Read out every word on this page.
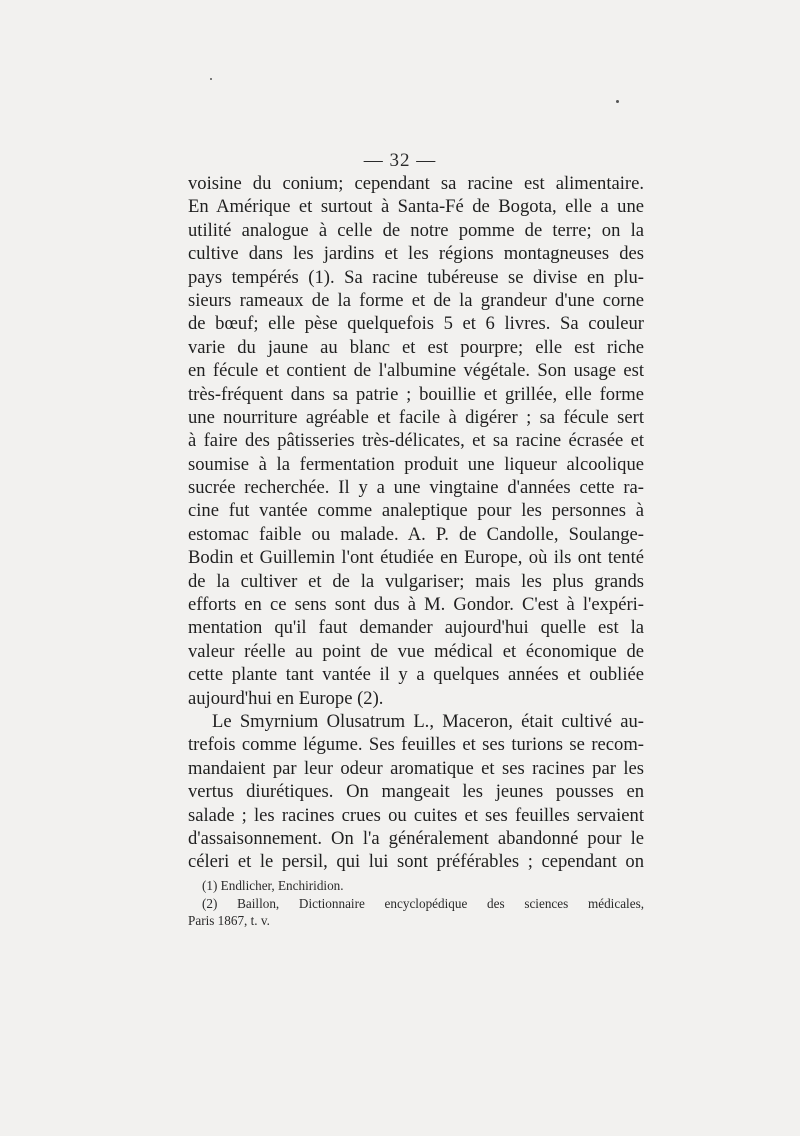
— 32 —
voisine du conium; cependant sa racine est alimentaire.
En Amérique et surtout à Santa-Fé de Bogota, elle a une
utilité analogue à celle de notre pomme de terre; on la
cultive dans les jardins et les régions montagneuses des
pays tempérés (1). Sa racine tubéreuse se divise en plu-
sieurs rameaux de la forme et de la grandeur d'une corne
de bœuf; elle pèse quelquefois 5 et 6 livres. Sa couleur
varie du jaune au blanc et est pourpre; elle est riche
en fécule et contient de l'albumine végétale. Son usage est
très-fréquent dans sa patrie ; bouillie et grillée, elle forme
une nourriture agréable et facile à digérer ; sa fécule sert
à faire des pâtisseries très-délicates, et sa racine écrasée et
soumise à la fermentation produit une liqueur alcoolique
sucrée recherchée. Il y a une vingtaine d'années cette ra-
cine fut vantée comme analeptique pour les personnes à
estomac faible ou malade. A. P. de Candolle, Soulange-
Bodin et Guillemin l'ont étudiée en Europe, où ils ont tenté
de la cultiver et de la vulgariser; mais les plus grands
efforts en ce sens sont dus à M. Gondor. C'est à l'expéri-
mentation qu'il faut demander aujourd'hui quelle est la
valeur réelle au point de vue médical et économique de
cette plante tant vantée il y a quelques années et oubliée
aujourd'hui en Europe (2).
Le Smyrnium Olusatrum L., Maceron, était cultivé au-
trefois comme légume. Ses feuilles et ses turions se recom-
mandaient par leur odeur aromatique et ses racines par les
vertus diurétiques. On mangeait les jeunes pousses en
salade ; les racines crues ou cuites et ses feuilles servaient
d'assaisonnement. On l'a généralement abandonné pour le
céleri et le persil, qui lui sont préférables ; cependant on
(1) Endlicher, Enchiridion.
(2) Baillon, Dictionnaire encyclopédique des sciences médicales,
Paris 1867, t. v.
